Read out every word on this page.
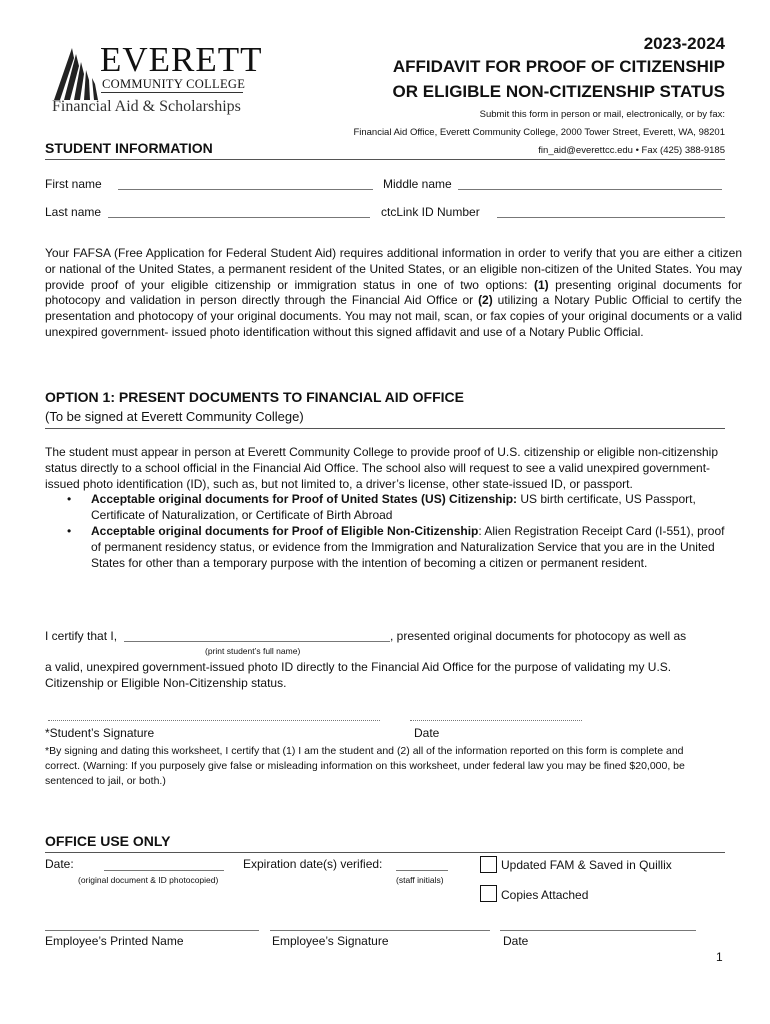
EVERETT
COMMUNITY COLLEGE
Financial Aid & Scholarships
2023-2024
AFFIDAVIT FOR PROOF OF CITIZENSHIP
OR ELIGIBLE NON-CITIZENSHIP STATUS
Submit this form in person or mail, electronically, or by fax:
Financial Aid Office, Everett Community College, 2000 Tower Street, Everett, WA, 98201
fin_aid@everettcc.edu • Fax (425) 388-9185
STUDENT INFORMATION
First name	Middle name
Last name	ctcLink ID Number
Your FAFSA (Free Application for Federal Student Aid) requires additional information in order to verify that you are either a citizen or national of the United States, a permanent resident of the United States, or an eligible non-citizen of the United States. You may provide proof of your eligible citizenship or immigration status in one of two options: (1) presenting original documents for photocopy and validation in person directly through the Financial Aid Office or (2) utilizing a Notary Public Official to certify the presentation and photocopy of your original documents. You may not mail, scan, or fax copies of your original documents or a valid unexpired government- issued photo identification without this signed affidavit and use of a Notary Public Official.
OPTION 1: PRESENT DOCUMENTS TO FINANCIAL AID OFFICE
(To be signed at Everett Community College)
The student must appear in person at Everett Community College to provide proof of U.S. citizenship or eligible non-citizenship status directly to a school official in the Financial Aid Office. The school also will request to see a valid unexpired government-issued photo identification (ID), such as, but not limited to, a driver’s license, other state-issued ID, or passport.
• Acceptable original documents for Proof of United States (US) Citizenship: US birth certificate, US Passport, Certificate of Naturalization, or Certificate of Birth Abroad
• Acceptable original documents for Proof of Eligible Non-Citizenship: Alien Registration Receipt Card (I-551), proof of permanent residency status, or evidence from the Immigration and Naturalization Service that you are in the United States for other than a temporary purpose with the intention of becoming a citizen or permanent resident.
I certify that I,	, presented original documents for photocopy as well as
(print student’s full name)
a valid, unexpired government-issued photo ID directly to the Financial Aid Office for the purpose of validating my U.S. Citizenship or Eligible Non-Citizenship status.
*Student’s Signature	Date
*By signing and dating this worksheet, I certify that (1) I am the student and (2) all of the information reported on this form is complete and correct. (Warning: If you purposely give false or misleading information on this worksheet, under federal law you may be fined $20,000, be sentenced to jail, or both.)
OFFICE USE ONLY
Date:
(original document & ID photocopied)
Expiration date(s) verified:
(staff initials)
Updated FAM & Saved in Quillix
Copies Attached
Employee’s Printed Name	Employee’s Signature	Date
1
